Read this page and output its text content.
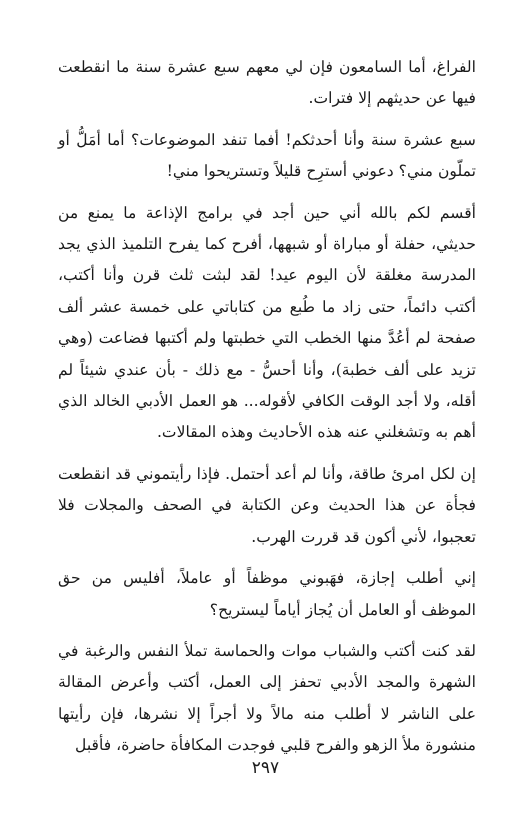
الفراغ، أما السامعون فإن لي معهم سبع عشرة سنة ما انقطعت فيها عن حديثهم إلا فترات.

سبع عشرة سنة وأنا أحدثكم! أفما تنفد الموضوعات؟ أما أمَلُّ أو تملّون مني؟ دعوني أسترِح قليلاً وتستريحوا مني!

أقسم لكم بالله أني حين أجد في برامج الإذاعة ما يمنع من حديثي، حفلة أو مباراة أو شبهها، أفرح كما يفرح التلميذ الذي يجد المدرسة مغلقة لأن اليوم عيد! لقد لبثت ثلث قرن وأنا أكتب، أكتب دائماً، حتى زاد ما طُبع من كتاباتي على خمسة عشر ألف صفحة لم أعُدَّ منها الخطب التي خطبتها ولم أكتبها فضاعت (وهي تزيد على ألف خطبة)، وأنا أحسُّ - مع ذلك - بأن عندي شيئاً لم أقله، ولا أجد الوقت الكافي لأقوله... هو العمل الأدبي الخالد الذي أهم به وتشغلني عنه هذه الأحاديث وهذه المقالات.

إن لكل امرئ طاقة، وأنا لم أعد أحتمل. فإذا رأيتموني قد انقطعت فجأة عن هذا الحديث وعن الكتابة في الصحف والمجلات فلا تعجبوا، لأني أكون قد قررت الهرب.

إني أطلب إجازة، فهَبوني موظفاً أو عاملاً، أفليس من حق الموظف أو العامل أن يُجاز أياماً ليستريح؟

لقد كنت أكتب والشباب موات والحماسة تملأ النفس والرغبة في الشهرة والمجد الأدبي تحفز إلى العمل، أكتب وأعرض المقالة على الناشر لا أطلب منه مالاً ولا أجراً إلا نشرها، فإن رأيتها منشورة ملأ الزهو والفرح قلبي فوجدت المكافأة حاضرة، فأقبل

٢٩٧
